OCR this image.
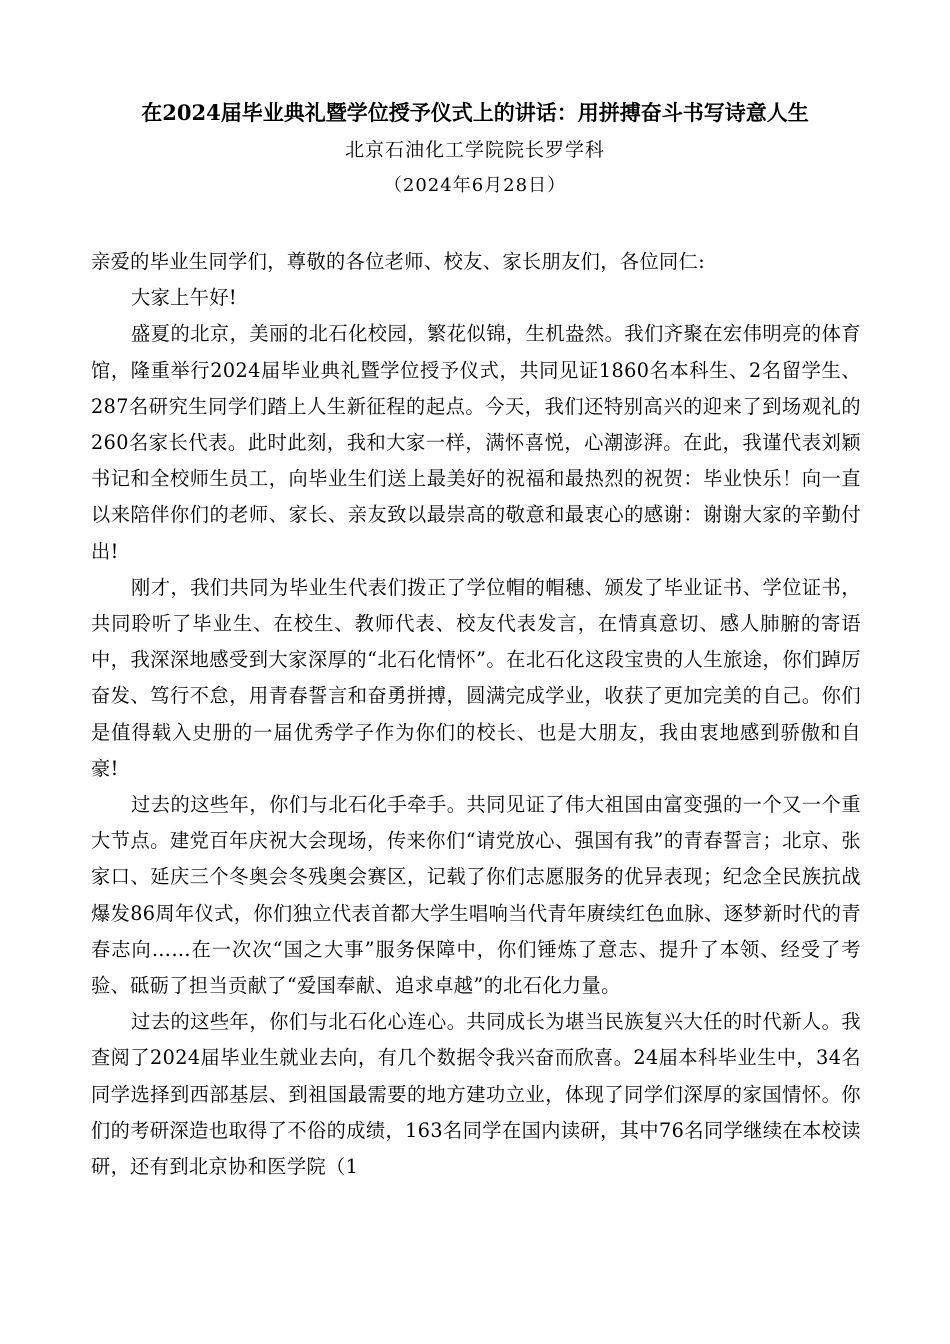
在2024届毕业典礼暨学位授予仪式上的讲话：用拼搏奋斗书写诗意人生
北京石油化工学院院长罗学科
（2024年6月28日）

亲爱的毕业生同学们，尊敬的各位老师、校友、家长朋友们，各位同仁:

大家上午好!

盛夏的北京，美丽的北石化校园，繁花似锦，生机盎然。我们齐聚在宏伟明亮的体育馆，隆重举行2024届毕业典礼暨学位授予仪式，共同见证1860名本科生、2名留学生、287名研究生同学们踏上人生新征程的起点。今天，我们还特别高兴的迎来了到场观礼的260名家长代表。此时此刻，我和大家一样，满怀喜悦，心潮澎湃。在此，我谨代表刘颖书记和全校师生员工，向毕业生们送上最美好的祝福和最热烈的祝贺：毕业快乐！向一直以来陪伴你们的老师、家长、亲友致以最崇高的敬意和最衷心的感谢：谢谢大家的辛勤付出!

刚才，我们共同为毕业生代表们拨正了学位帽的帽穗、颁发了毕业证书、学位证书，共同聆听了毕业生、在校生、教师代表、校友代表发言，在情真意切、感人肺腑的寄语中，我深深地感受到大家深厚的“北石化情怀”。在北石化这段宝贵的人生旅途，你们踔厉奋发、笃行不怠，用青春誓言和奋勇拼搏，圆满完成学业，收获了更加完美的自己。你们是值得载入史册的一届优秀学子作为你们的校长、也是大朋友，我由衷地感到骄傲和自豪!

过去的这些年，你们与北石化手牵手。共同见证了伟大祖国由富变强的一个又一个重大节点。建党百年庆祝大会现场，传来你们“请党放心、强国有我”的青春誓言；北京、张家口、延庆三个冬奥会冬残奥会赛区，记载了你们志愿服务的优异表现；纪念全民族抗战爆发86周年仪式，你们独立代表首都大学生唱响当代青年赓续红色血脉、逐梦新时代的青春志向……在一次次“国之大事”服务保障中，你们锤炼了意志、提升了本领、经受了考验、砥砺了担当贡献了“爱国奉献、追求卓越”的北石化力量。

过去的这些年，你们与北石化心连心。共同成长为堪当民族复兴大任的时代新人。我查阅了2024届毕业生就业去向，有几个数据令我兴奋而欣喜。24届本科毕业生中，34名同学选择到西部基层、到祖国最需要的地方建功立业，体现了同学们深厚的家国情怀。你们的考研深造也取得了不俗的成绩，163名同学在国内读研，其中76名同学继续在本校读研，还有到北京协和医学院（1
